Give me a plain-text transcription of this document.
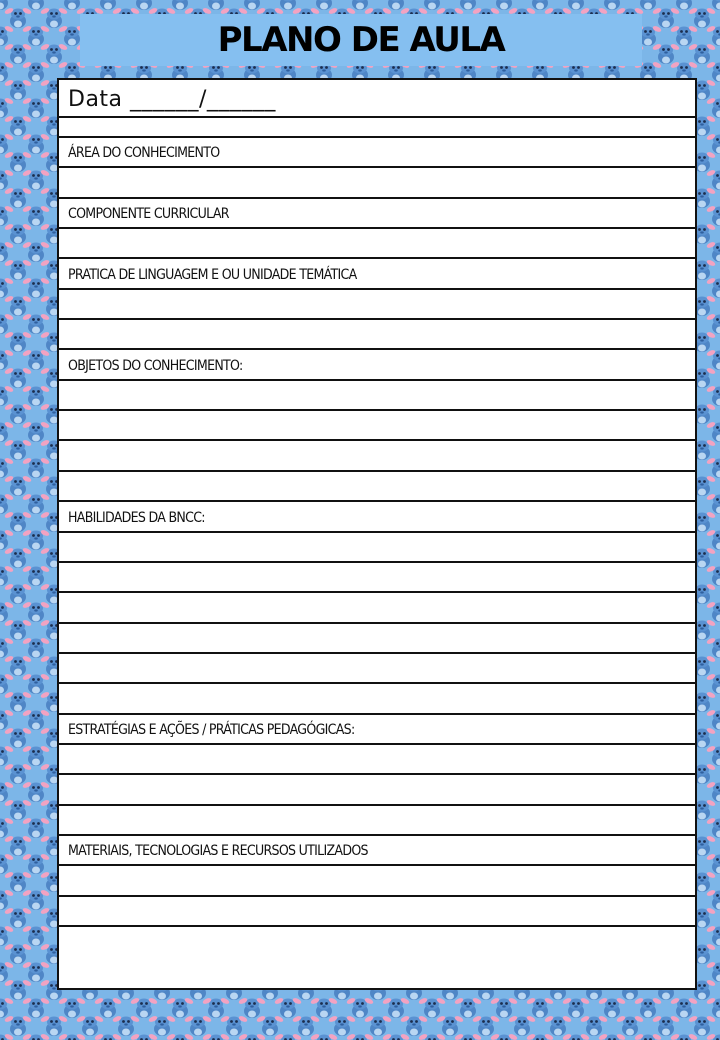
PLANO DE AULA
Data ______/______
ÁREA DO CONHECIMENTO
COMPONENTE CURRICULAR
PRATICA DE LINGUAGEM E OU UNIDADE TEMÁTICA
OBJETOS DO CONHECIMENTO:
HABILIDADES DA BNCC:
ESTRATÉGIAS E AÇÕES / PRÁTICAS PEDAGÓGICAS:
MATERIAIS, TECNOLOGIAS E RECURSOS UTILIZADOS
